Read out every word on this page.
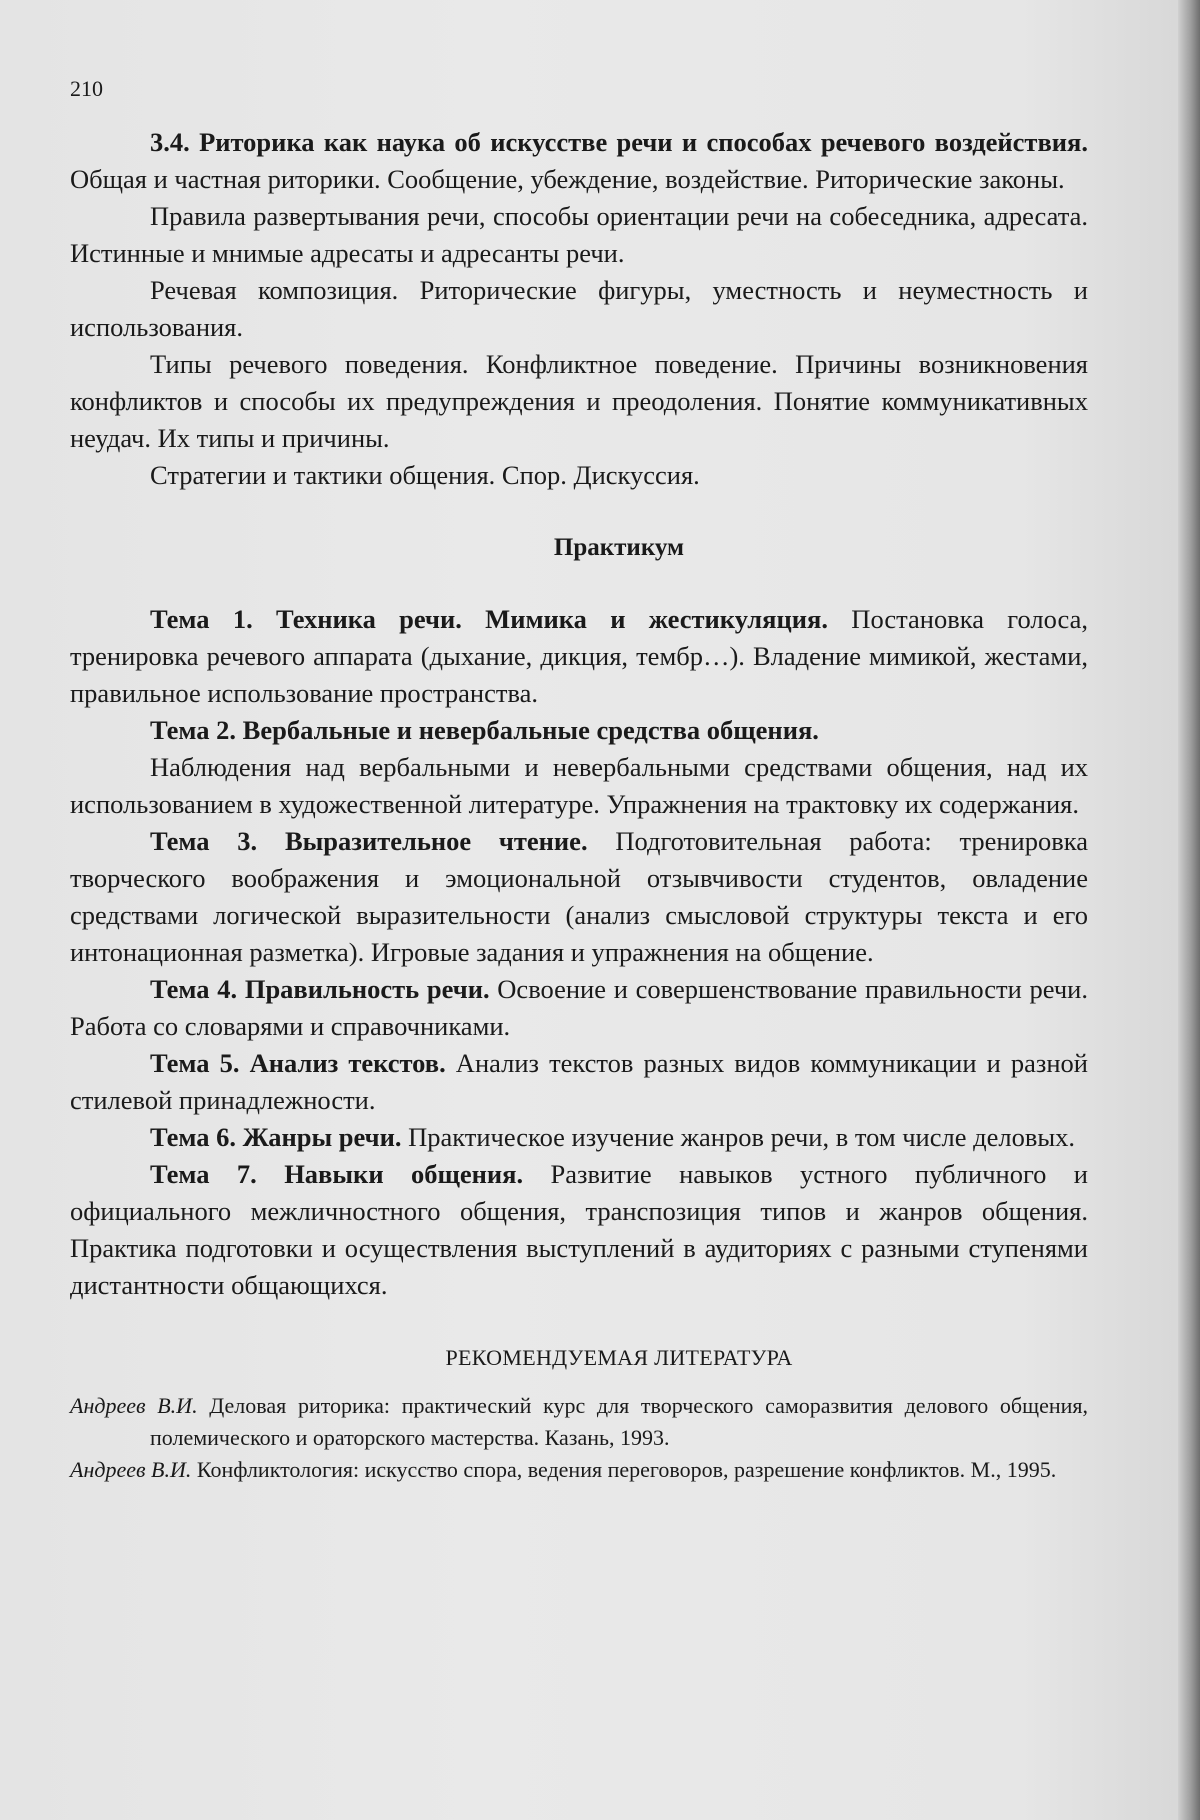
210

3.4. Риторика как наука об искусстве речи и способах речевого воздействия. Общая и частная риторики. Сообщение, убеждение, воздействие. Риторические законы.

Правила развертывания речи, способы ориентации речи на собеседника, адресата. Истинные и мнимые адресаты и адресанты речи.

Речевая композиция. Риторические фигуры, уместность и неуместность и использования.

Типы речевого поведения. Конфликтное поведение. Причины возникновения конфликтов и способы их предупреждения и преодоления. Понятие коммуникативных неудач. Их типы и причины.

Стратегии и тактики общения. Спор. Дискуссия.

Практикум

Тема 1. Техника речи. Мимика и жестикуляция. Постановка голоса, тренировка речевого аппарата (дыхание, дикция, тембр…). Владение мимикой, жестами, правильное использование пространства.

Тема 2. Вербальные и невербальные средства общения.

Наблюдения над вербальными и невербальными средствами общения, над их использованием в художественной литературе. Упражнения на трактовку их содержания.

Тема 3. Выразительное чтение. Подготовительная работа: тренировка творческого воображения и эмоциональной отзывчивости студентов, овладение средствами логической выразительности (анализ смысловой структуры текста и его интонационная разметка). Игровые задания и упражнения на общение.

Тема 4. Правильность речи. Освоение и совершенствование правильности речи. Работа со словарями и справочниками.

Тема 5. Анализ текстов. Анализ текстов разных видов коммуникации и разной стилевой принадлежности.

Тема 6. Жанры речи. Практическое изучение жанров речи, в том числе деловых.

Тема 7. Навыки общения. Развитие навыков устного публичного и официального межличностного общения, транспозиция типов и жанров общения. Практика подготовки и осуществления выступлений в аудиториях с разными ступенями дистантности общающихся.

РЕКОМЕНДУЕМАЯ ЛИТЕРАТУРА

Андреев В.И. Деловая риторика: практический курс для творческого саморазвития делового общения, полемического и ораторского мастерства. Казань, 1993.

Андреев В.И. Конфликтология: искусство спора, ведения переговоров, разрешение конфликтов. М., 1995.
